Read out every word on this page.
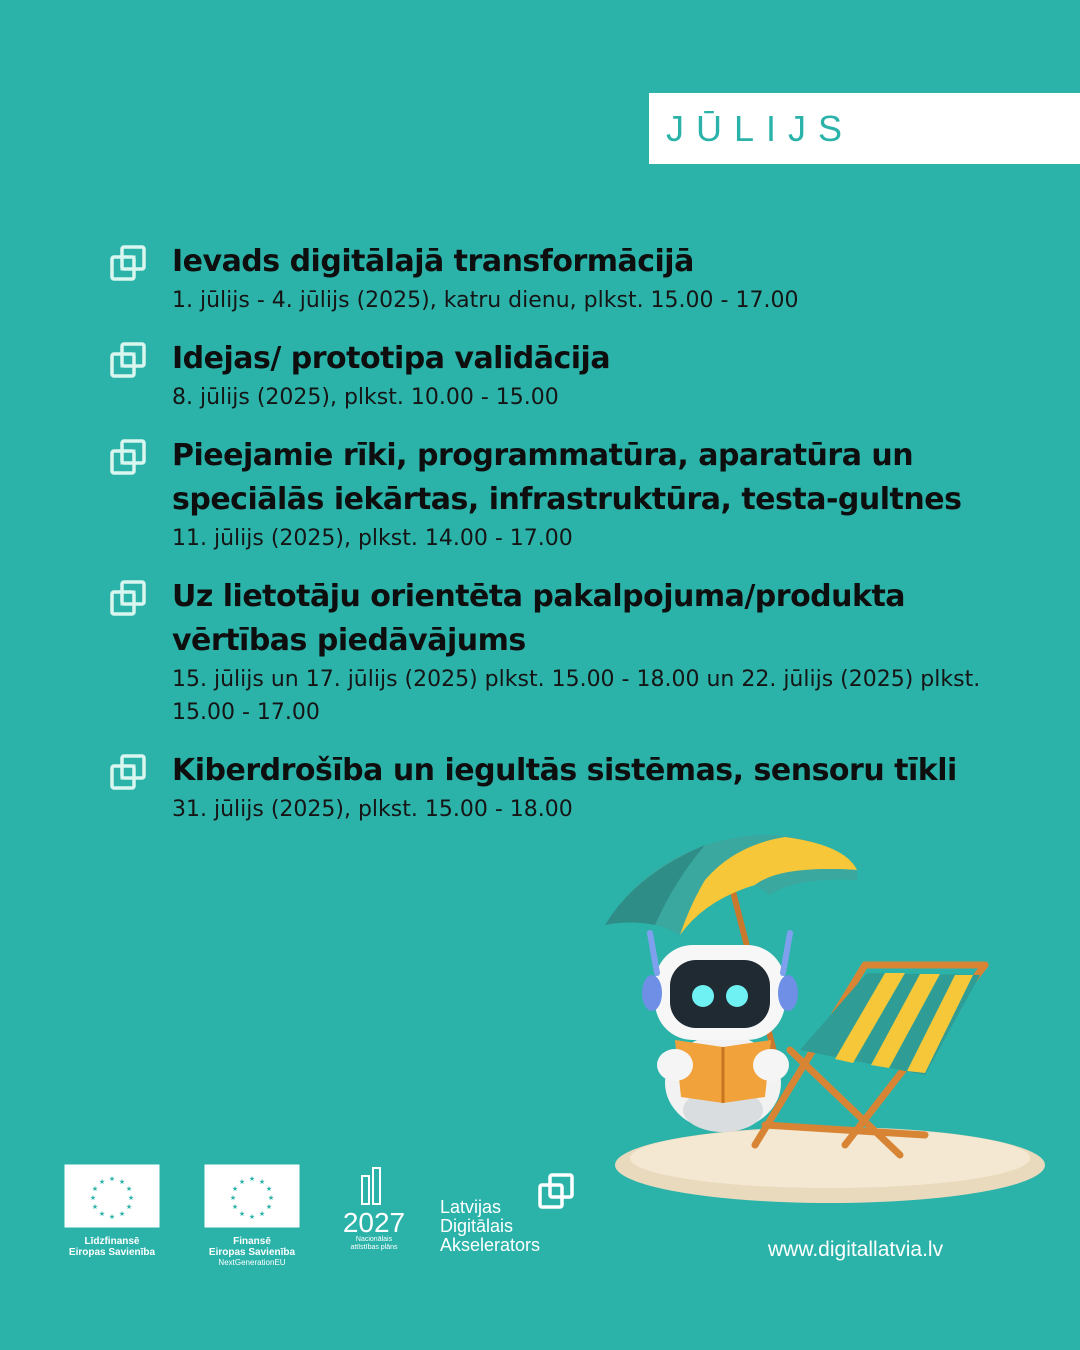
JŪLIJS
Ievads digitālajā transformācijā
1. jūlijs - 4. jūlijs (2025), katru dienu, plkst. 15.00 - 17.00
Idejas/ prototipa validācija
8. jūlijs (2025), plkst. 10.00 - 15.00
Pieejamie rīki, programmatūra, aparatūra un
speciālās iekārtas, infrastruktūra, testa-gultnes
11. jūlijs (2025), plkst. 14.00 - 17.00
Uz lietotāju orientēta pakalpojuma/produkta
vērtības piedāvājums
15. jūlijs un 17. jūlijs (2025) plkst. 15.00 - 18.00 un 22. jūlijs (2025) plkst.
15.00 - 17.00
Kiberdrošība un iegultās sistēmas, sensoru tīkli
31. jūlijs (2025), plkst. 15.00 - 18.00
★ ★
★
★
★
★
★
★
★
★
★
★
Līdzfinansē
Eiropas Savienība
★ ★
★
★
★
★
★
★
★
★
★
★
Finansē
Eiropas Savienība
NextGenerationEU
2027
Nacionālais
attīstības plāns
Latvijas
Digitālais
Akselerators	www.digitallatvia.lv
